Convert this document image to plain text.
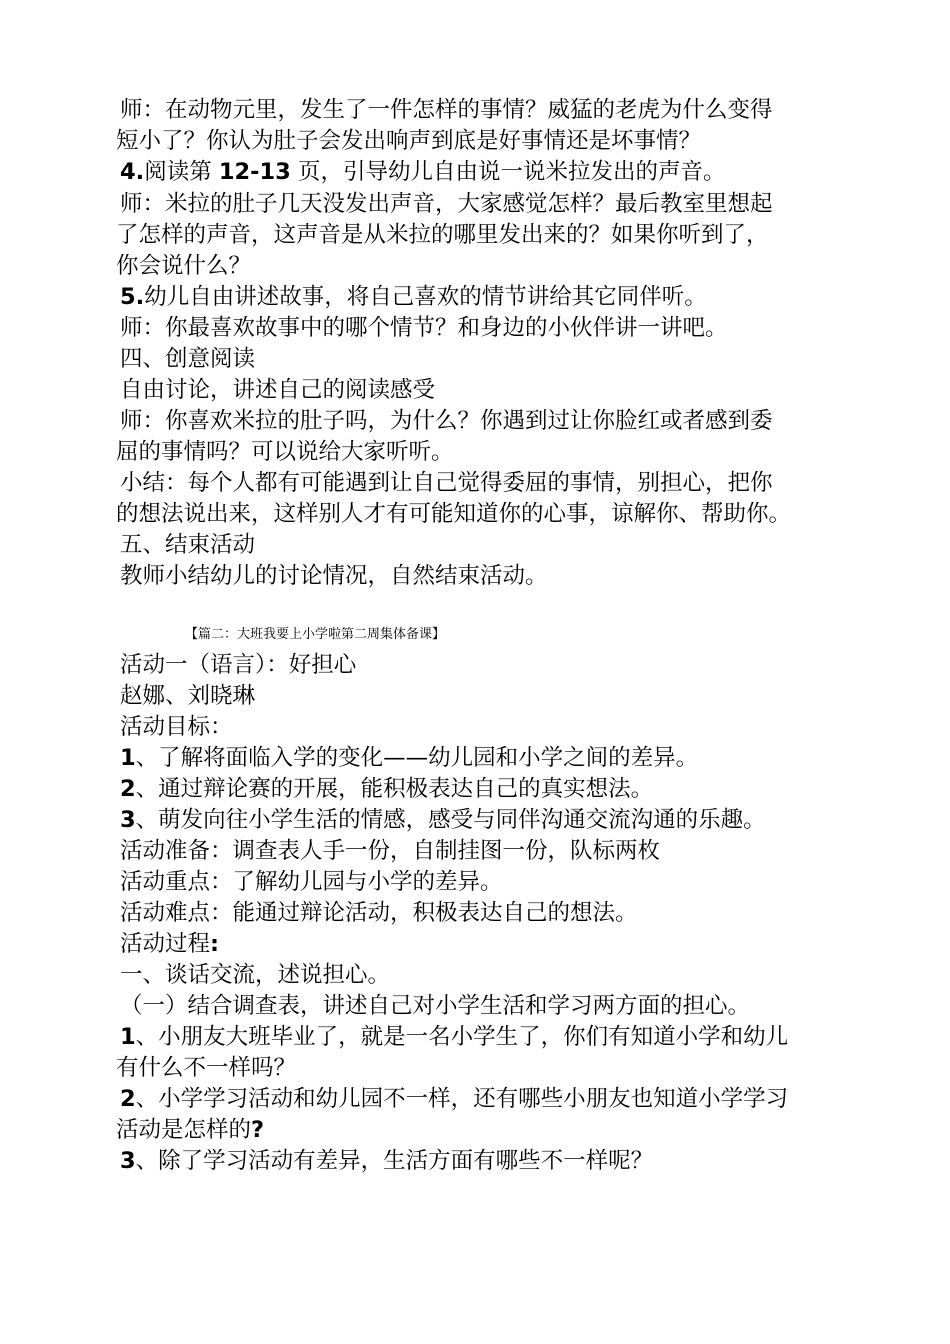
师：在动物元里，发生了一件怎样的事情？威猛的老虎为什么变得
短小了？你认为肚子会发出响声到底是好事情还是坏事情？
4.阅读第 12-13 页，引导幼儿自由说一说米拉发出的声音。
师：米拉的肚子几天没发出声音，大家感觉怎样？最后教室里想起
了怎样的声音，这声音是从米拉的哪里发出来的？如果你听到了，
你会说什么？
5.幼儿自由讲述故事，将自己喜欢的情节讲给其它同伴听。
师：你最喜欢故事中的哪个情节？和身边的小伙伴讲一讲吧。
四、创意阅读
自由讨论，讲述自己的阅读感受
师：你喜欢米拉的肚子吗，为什么？你遇到过让你脸红或者感到委
屈的事情吗？可以说给大家听听。
小结：每个人都有可能遇到让自己觉得委屈的事情，别担心，把你
的想法说出来，这样别人才有可能知道你的心事，谅解你、帮助你。
五、结束活动
教师小结幼儿的讨论情况，自然结束活动。
【篇二：大班我要上小学啦第二周集体备课】
活动一（语言）：好担心
赵娜、刘晓琳
活动目标：
1、了解将面临入学的变化——幼儿园和小学之间的差异。
2、通过辩论赛的开展，能积极表达自己的真实想法。
3、萌发向往小学生活的情感，感受与同伴沟通交流沟通的乐趣。
活动准备：调查表人手一份，自制挂图一份，队标两枚
活动重点：了解幼儿园与小学的差异。
活动难点：能通过辩论活动，积极表达自己的想法。
活动过程:
一、谈话交流，述说担心。
（一）结合调查表，讲述自己对小学生活和学习两方面的担心。
1、小朋友大班毕业了，就是一名小学生了，你们有知道小学和幼儿
有什么不一样吗？
2、小学学习活动和幼儿园不一样，还有哪些小朋友也知道小学学习
活动是怎样的?
3、除了学习活动有差异，生活方面有哪些不一样呢？
